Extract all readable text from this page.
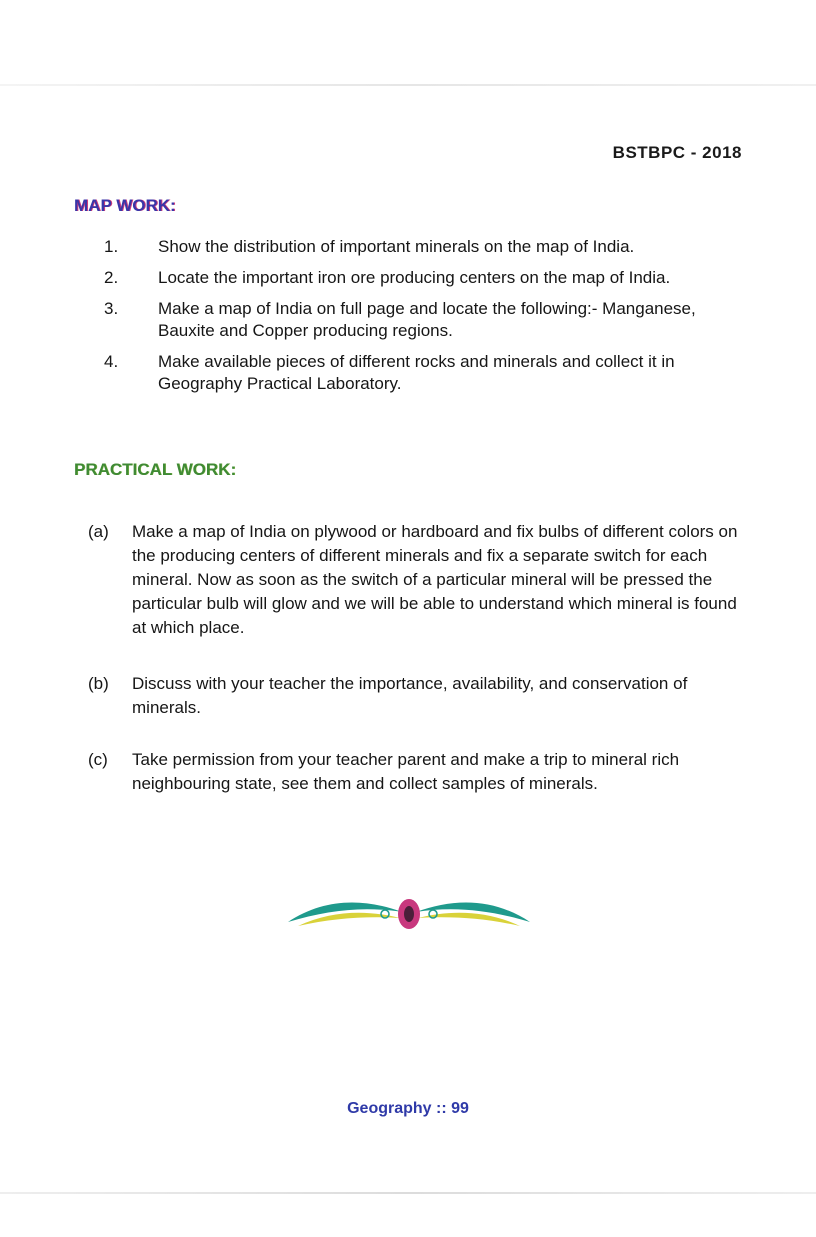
BSTBPC - 2018
MAP WORK:
1.	Show the distribution of important minerals on the map of India.
2.	Locate the important iron ore producing centers on the map of India.
3.	Make a map of India on full page and locate the following:- Manganese, Bauxite and Copper producing regions.
4.	Make available pieces of different rocks and minerals and collect it in Geography Practical Laboratory.
PRACTICAL WORK:
(a)	Make a map of India on plywood or hardboard and fix bulbs of different colors on the producing centers of different minerals and fix a separate switch for each mineral. Now as soon as the switch of a particular mineral will be pressed the particular bulb will glow and we will be able to understand which mineral is found at which place.
(b)	Discuss with your teacher the importance, availability, and conservation of minerals.
(c)	Take permission from your teacher parent and make a trip to mineral rich neighbouring state, see them and collect samples of minerals.
Geography :: 99
